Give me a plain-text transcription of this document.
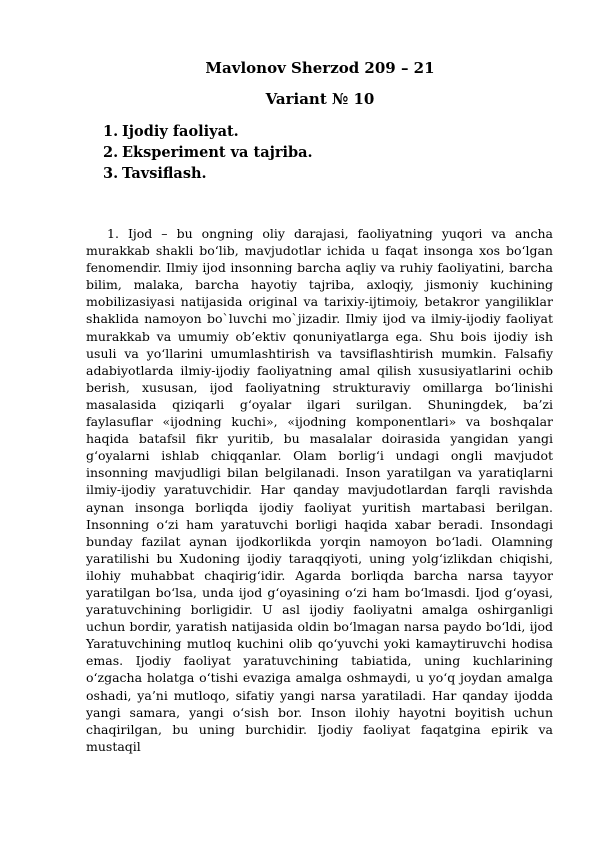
Mavlonov Sherzod 209 – 21
Variant № 10
1. Ijodiy faoliyat.
2. Eksperiment va tajriba.
3. Tavsiflash.

1. Ijod – bu ongning oliy darajasi, faoliyatning yuqori va ancha murakkab shakli bo‘lib, mavjudotlar ichida u faqat insonga xos bo‘lgan fenomendir. Ilmiy ijod insonning barcha aqliy va ruhiy faoliyatini, barcha bilim, malaka, barcha hayotiy tajriba, axloqiy, jismoniy kuchining mobilizasiyasi natijasida original va tarixiy-ijtimoiy, betakror yangiliklar shaklida namoyon bo`luvchi mo`jizadir. Ilmiy ijod va ilmiy-ijodiy faoliyat murakkab va umumiy ob’ektiv qonuniyatlarga ega. Shu bois ijodiy ish usuli va yo‘llarini umumlashtirish va tavsiflashtirish mumkin. Falsafiy adabiyotlarda ilmiy-ijodiy faoliyatning amal qilish xususiyatlarini ochib berish, xususan, ijod faoliyatning strukturaviy omillarga bo‘linishi masalasida qiziqarli g‘oyalar ilgari surilgan. Shuningdek, ba’zi faylasuflar «ijodning kuchi», «ijodning komponentlari» va boshqalar haqida batafsil fikr yuritib, bu masalalar doirasida yangidan yangi g‘oyalarni ishlab chiqqanlar. Olam borlig‘i undagi ongli mavjudot insonning mavjudligi bilan belgilanadi. Inson yaratilgan va yaratiqlarni ilmiy-ijodiy yaratuvchidir. Har qanday mavjudotlardan farqli ravishda aynan insonga borliqda ijodiy faoliyat yuritish martabasi berilgan. Insonning o‘zi ham yaratuvchi borligi haqida xabar beradi. Insondagi bunday fazilat aynan ijodkorlikda yorqin namoyon bo‘ladi. Olamning yaratilishi bu Xudoning ijodiy taraqqiyoti, uning yolg‘izlikdan chiqishi, ilohiy muhabbat chaqirig‘idir. Agarda borliqda barcha narsa tayyor yaratilgan bo‘lsa, unda ijod g‘oyasining o‘zi ham bo‘lmasdi. Ijod g‘oyasi, yaratuvchining borligidir. U asl ijodiy faoliyatni amalga oshirganligi uchun bordir, yaratish natijasida oldin bo‘lmagan narsa paydo bo‘ldi, ijod Yaratuvchining mutloq kuchini olib qo‘yuvchi yoki kamaytiruvchi hodisa emas. Ijodiy faoliyat yaratuvchining tabiatida, uning kuchlarining o‘zgacha holatga o‘tishi evaziga amalga oshmaydi, u yo‘q joydan amalga oshadi, ya’ni mutloqo, sifatiy yangi narsa yaratiladi. Har qanday ijodda yangi samara, yangi o‘sish bor. Inson ilohiy hayotni boyitish uchun chaqirilgan, bu uning burchidir. Ijodiy faoliyat faqatgina epirik va mustaqil
